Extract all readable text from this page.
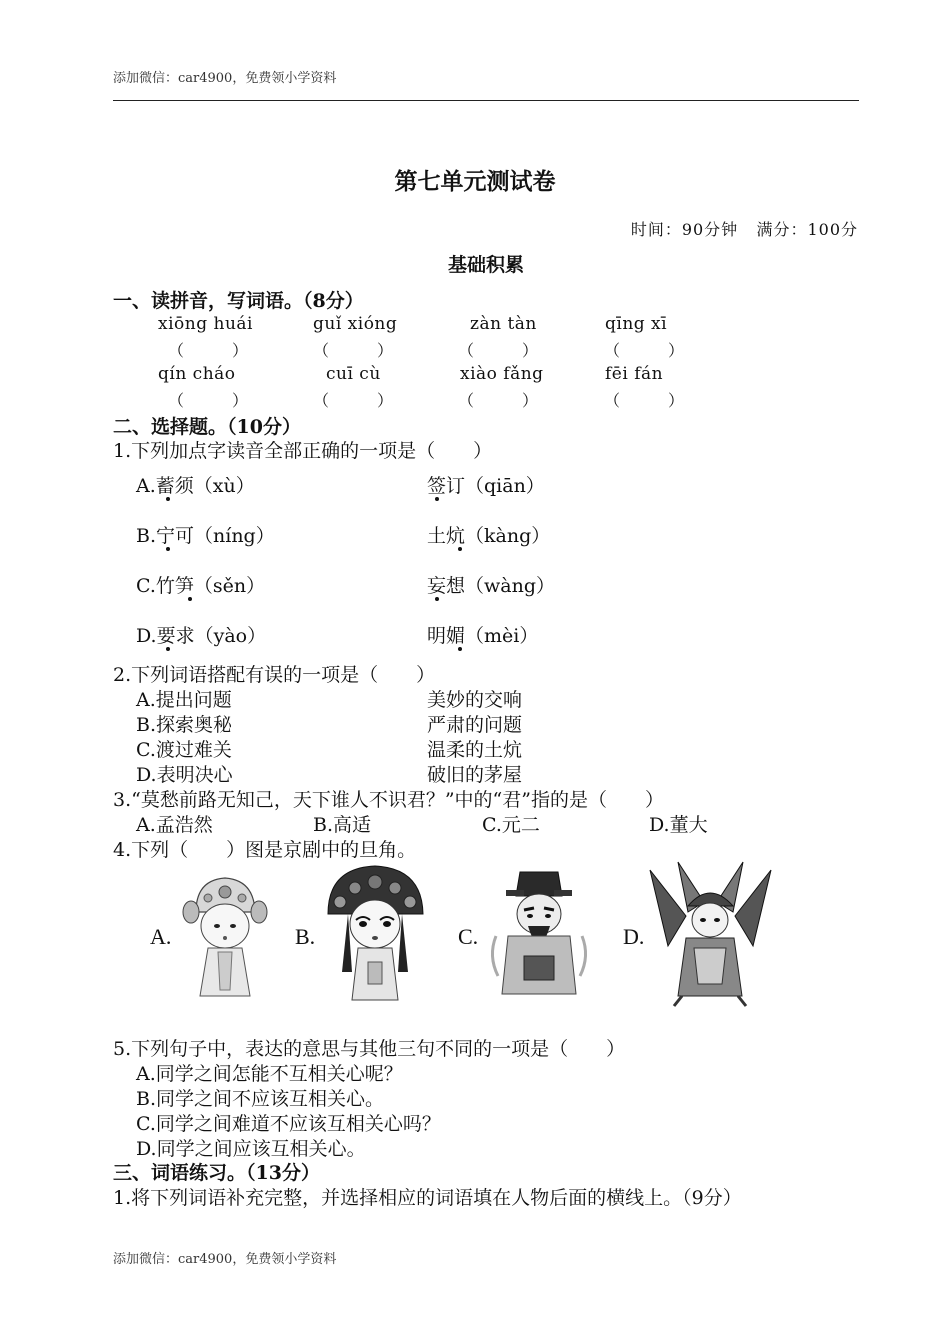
添加微信：car4900，免费领小学资料
第七单元测试卷
时间：90分钟 满分：100分
基础积累
一、读拼音，写词语。（8分）
xiōng huái	guǐ xióng	zàn tàn	qīng xī
（　　　）	（　　　）	（　　　）	（　　　）
qín cháo	cuī cù	xiào fǎng	fēi fán
（　　　）	（　　　）	（　　　）	（　　　）
二、选择题。（10分）
1.下列加点字读音全部正确的一项是（　　）
A.蓄须（xù）	签订（qiān）
B.宁可（níng）	土炕（kàng）
C.竹笋（sěn）	妄想（wàng）
D.要求（yào）	明媚（mèi）
2.下列词语搭配有误的一项是（　　）
A.提出问题	美妙的交响
B.探索奥秘	严肃的问题
C.渡过难关	温柔的土炕
D.表明决心	破旧的茅屋
3.“莫愁前路无知己，天下谁人不识君？”中的“君”指的是（　　）
A.孟浩然	B.高适	C.元二	D.董大
4.下列（　　）图是京剧中的旦角。
A.	B.	C.	D.
5.下列句子中，表达的意思与其他三句不同的一项是（　　）
A.同学之间怎能不互相关心呢？
B.同学之间不应该互相关心。
C.同学之间难道不应该互相关心吗？
D.同学之间应该互相关心。
三、词语练习。（13分）
1.将下列词语补充完整，并选择相应的词语填在人物后面的横线上。（9分）
添加微信：car4900，免费领小学资料
